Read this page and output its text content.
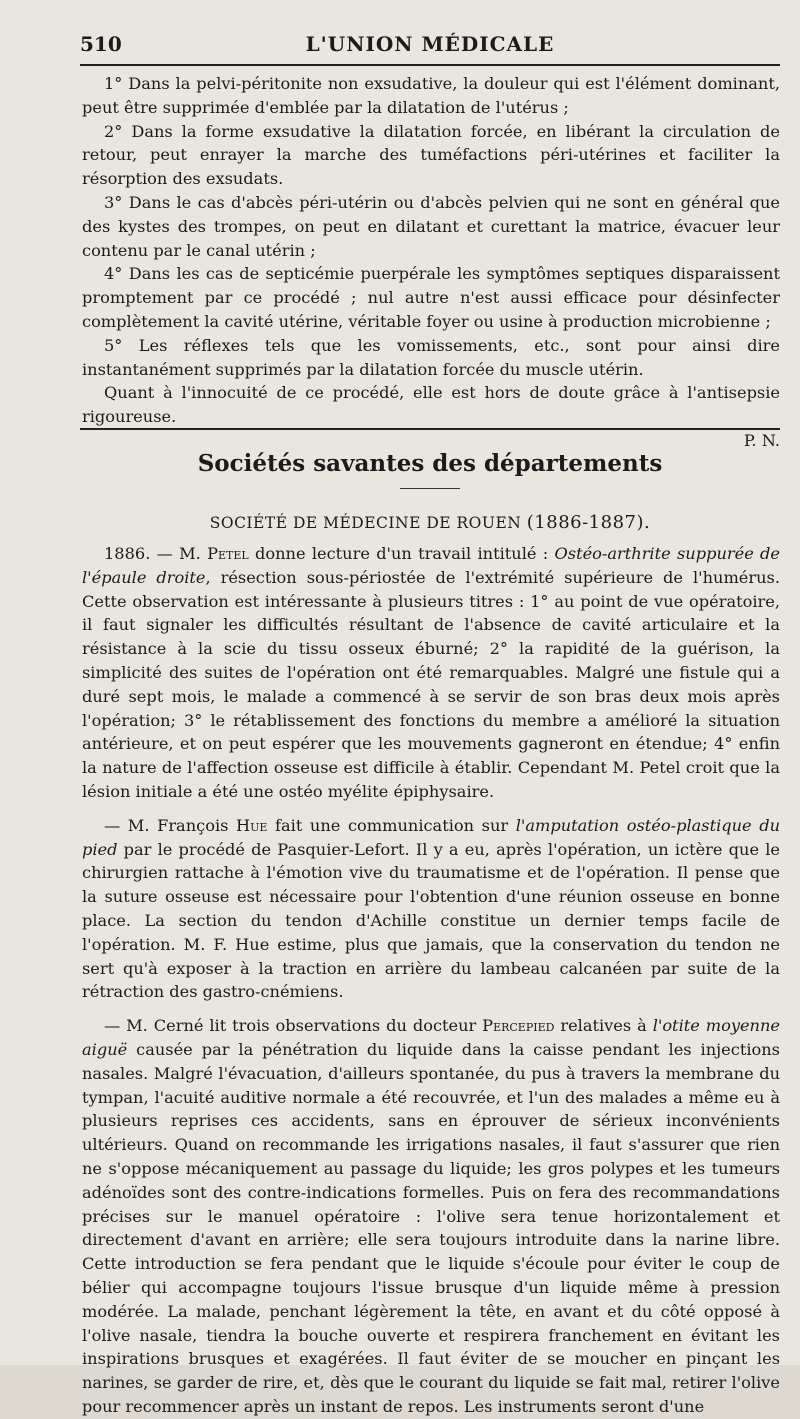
510	L'UNION MÉDICALE

1° Dans la pelvi-péritonite non exsudative, la douleur qui est l'élément dominant, peut être supprimée d'emblée par la dilatation de l'utérus ;

2° Dans la forme exsudative la dilatation forcée, en libérant la circulation de retour, peut enrayer la marche des tuméfactions péri-utérines et faciliter la résorption des exsudats.

3° Dans le cas d'abcès péri-utérin ou d'abcès pelvien qui ne sont en général que des kystes des trompes, on peut en dilatant et curettant la matrice, évacuer leur contenu par le canal utérin ;

4° Dans les cas de septicémie puerpérale les symptômes septiques disparaissent promptement par ce procédé ; nul autre n'est aussi efficace pour désinfecter complètement la cavité utérine, véritable foyer ou usine à production microbienne ;

5° Les réflexes tels que les vomissements, etc., sont pour ainsi dire instantanément supprimés par la dilatation forcée du muscle utérin.

Quant à l'innocuité de ce procédé, elle est hors de doute grâce à l'antisepsie rigoureuse.

P. N.

Sociétés savantes des départements
SOCIÉTÉ DE MÉDECINE DE ROUEN (1886-1887).

1886. — M. Petel donne lecture d'un travail intitulé : Ostéo-arthrite suppurée de l'épaule droite, résection sous-périostée de l'extrémité supérieure de l'humérus. Cette observation est intéressante à plusieurs titres : 1° au point de vue opératoire, il faut signaler les difficultés résultant de l'absence de cavité articulaire et la résistance à la scie du tissu osseux éburné; 2° la rapidité de la guérison, la simplicité des suites de l'opération ont été remarquables. Malgré une fistule qui a duré sept mois, le malade a commencé à se servir de son bras deux mois après l'opération; 3° le rétablissement des fonctions du membre a amélioré la situation antérieure, et on peut espérer que les mouvements gagneront en étendue; 4° enfin la nature de l'affection osseuse est difficile à établir. Cependant M. Petel croit que la lésion initiale a été une ostéo myélite épiphysaire.

— M. François Hue fait une communication sur l'amputation ostéo-plastique du pied par le procédé de Pasquier-Lefort. Il y a eu, après l'opération, un ictère que le chirurgien rattache à l'émotion vive du traumatisme et de l'opération. Il pense que la suture osseuse est nécessaire pour l'obtention d'une réunion osseuse en bonne place. La section du tendon d'Achille constitue un dernier temps facile de l'opération. M. F. Hue estime, plus que jamais, que la conservation du tendon ne sert qu'à exposer à la traction en arrière du lambeau calcanéen par suite de la rétraction des gastro-cnémiens.

— M. Cerné lit trois observations du docteur Percepied relatives à l'otite moyenne aiguë causée par la pénétration du liquide dans la caisse pendant les injections nasales. Malgré l'évacuation, d'ailleurs spontanée, du pus à travers la membrane du tympan, l'acuité auditive normale a été recouvrée, et l'un des malades a même eu à plusieurs reprises ces accidents, sans en éprouver de sérieux inconvénients ultérieurs. Quand on recommande les irrigations nasales, il faut s'assurer que rien ne s'oppose mécaniquement au passage du liquide; les gros polypes et les tumeurs adénoïdes sont des contre-indications formelles. Puis on fera des recommandations précises sur le manuel opératoire : l'olive sera tenue horizontalement et directement d'avant en arrière; elle sera toujours introduite dans la narine libre. Cette introduction se fera pendant que le liquide s'écoule pour éviter le coup de bélier qui accompagne toujours l'issue brusque d'un liquide même à pression modérée. La malade, penchant légèrement la tête, en avant et du côté opposé à l'olive nasale, tiendra la bouche ouverte et respirera franchement en évitant les inspirations brusques et exagérées. Il faut éviter de se moucher en pinçant les narines, se garder de rire, et, dès que le courant du liquide se fait mal, retirer l'olive pour recommencer après un instant de repos. Les instruments seront d'une
